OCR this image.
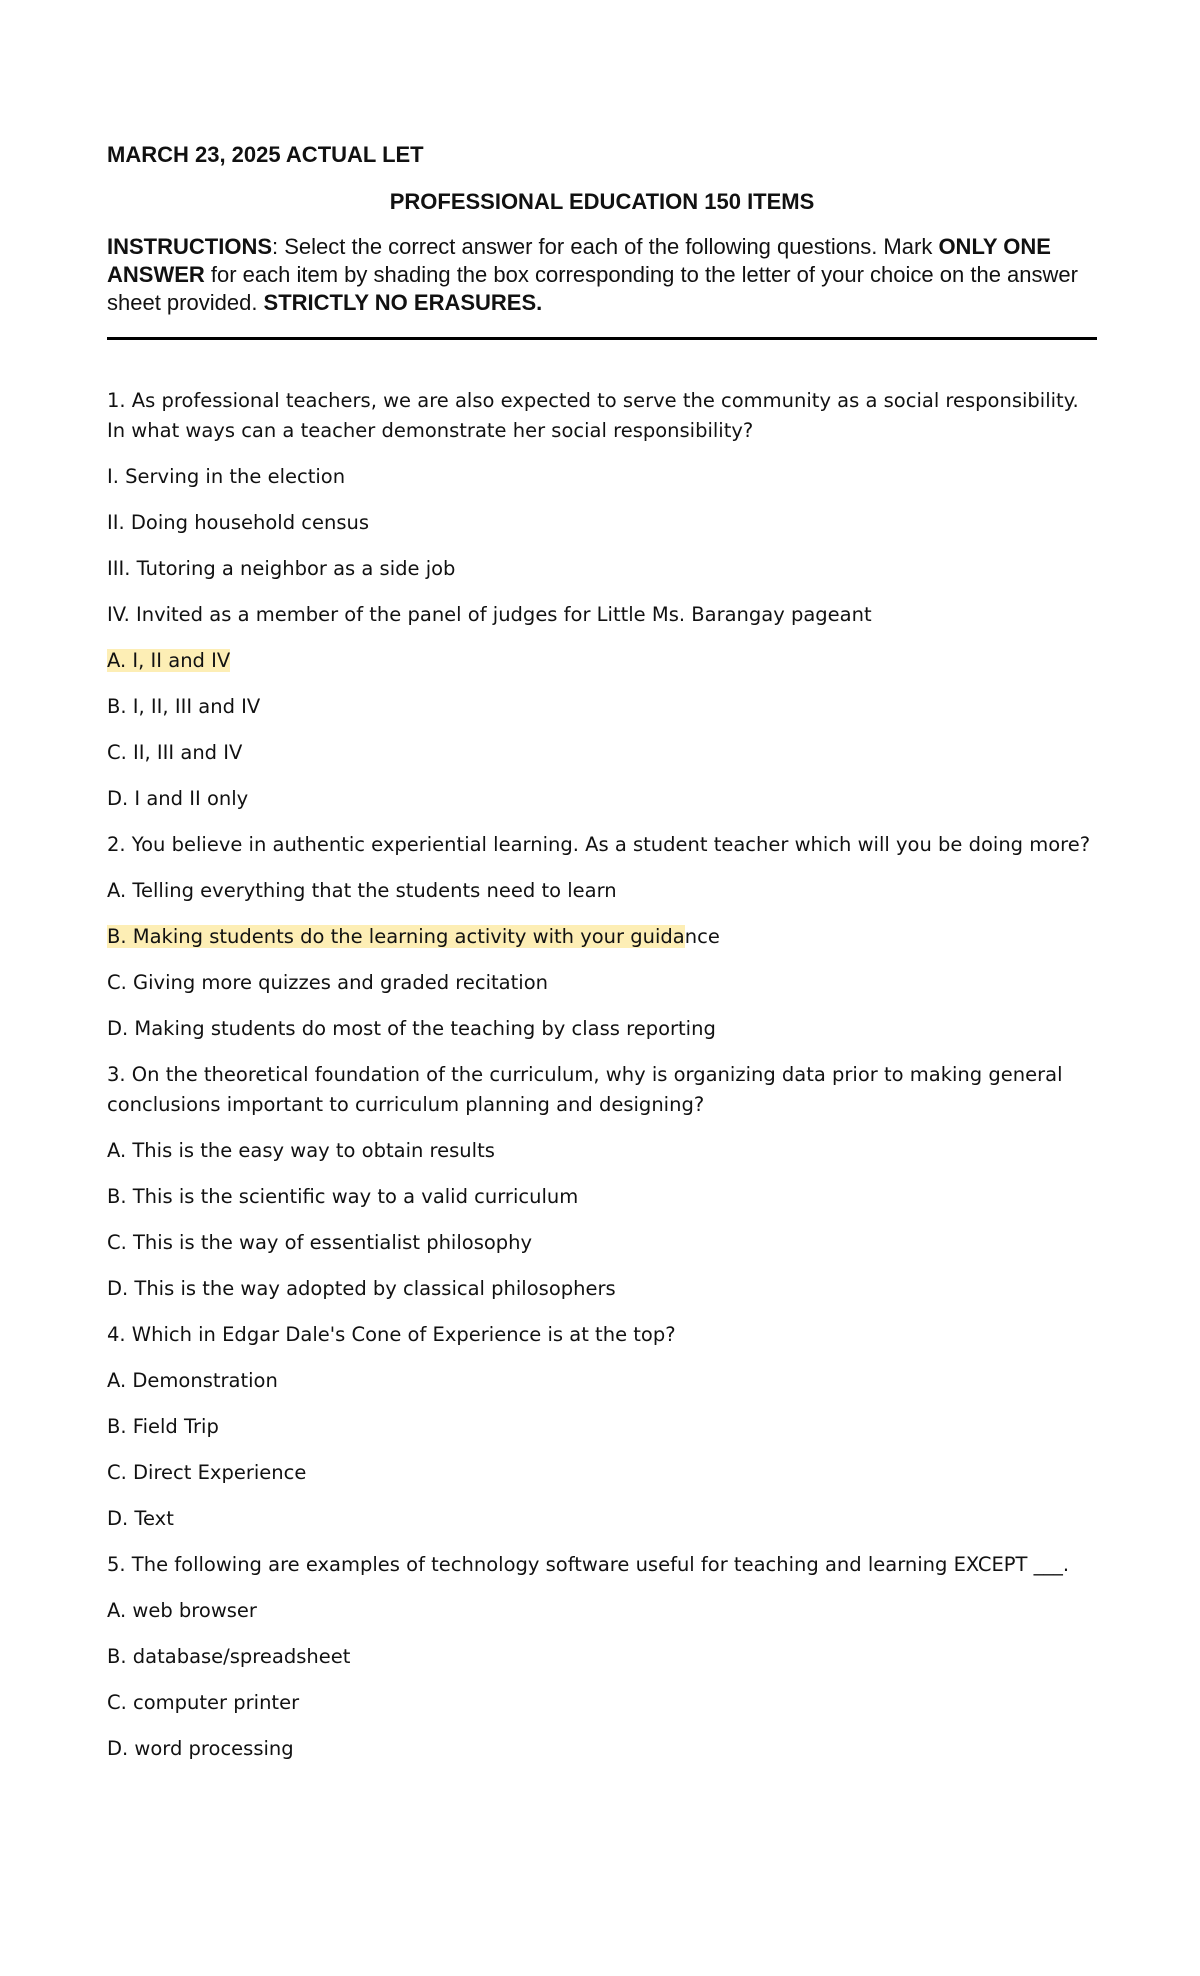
MARCH 23, 2025 ACTUAL LET
PROFESSIONAL EDUCATION 150 ITEMS

INSTRUCTIONS: Select the correct answer for each of the following questions. Mark ONLY ONE ANSWER for each item by shading the box corresponding to the letter of your choice on the answer sheet provided. STRICTLY NO ERASURES.

1. As professional teachers, we are also expected to serve the community as a social responsibility. In what ways can a teacher demonstrate her social responsibility?
I. Serving in the election
II. Doing household census
III. Tutoring a neighbor as a side job
IV. Invited as a member of the panel of judges for Little Ms. Barangay pageant
A. I, II and IV
B. I, II, III and IV
C. II, III and IV
D. I and II only
2. You believe in authentic experiential learning. As a student teacher which will you be doing more?
A. Telling everything that the students need to learn
B. Making students do the learning activity with your guidance
C. Giving more quizzes and graded recitation
D. Making students do most of the teaching by class reporting
3. On the theoretical foundation of the curriculum, why is organizing data prior to making general conclusions important to curriculum planning and designing?
A. This is the easy way to obtain results
B. This is the scientific way to a valid curriculum
C. This is the way of essentialist philosophy
D. This is the way adopted by classical philosophers
4. Which in Edgar Dale's Cone of Experience is at the top?
A. Demonstration
B. Field Trip
C. Direct Experience
D. Text
5. The following are examples of technology software useful for teaching and learning EXCEPT ___.
A. web browser
B. database/spreadsheet
C. computer printer
D. word processing
